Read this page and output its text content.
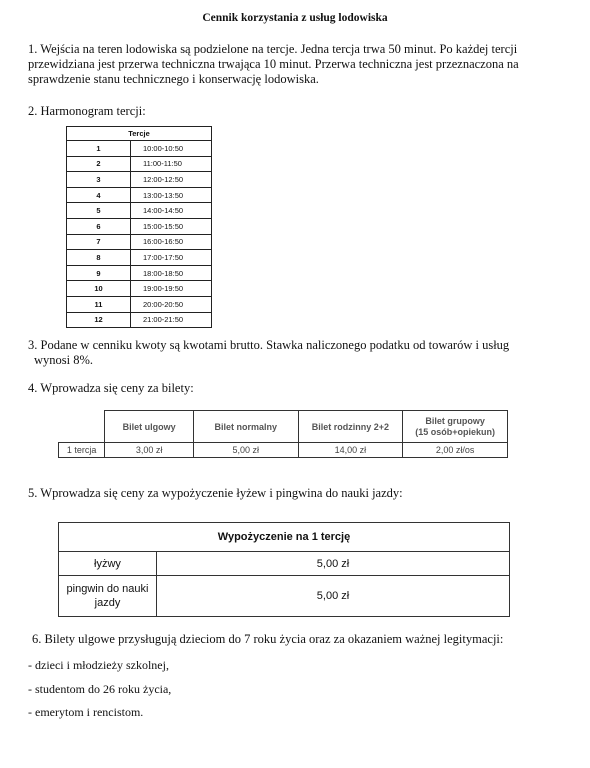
Cennik korzystania z usług lodowiska
1. Wejścia na teren lodowiska są podzielone na tercje. Jedna tercja trwa 50 minut. Po każdej tercji przewidziana jest przerwa techniczna trwająca 10 minut. Przerwa techniczna jest przeznaczona na sprawdzenie stanu technicznego i konserwację lodowiska.
2. Harmonogram tercji:
Tercje	
1	10:00-10:50
2	11:00-11:50
3	12:00-12:50
4	13:00-13:50
5	14:00-14:50
6	15:00-15:50
7	16:00-16:50
8	17:00-17:50
9	18:00-18:50
10	19:00-19:50
11	20:00-20:50
12	21:00-21:50
3. Podane w cenniku kwoty są kwotami brutto. Stawka naliczonego podatku od towarów i usług
wynosi 8%.
4. Wprowadza się ceny za bilety:
	Bilet ulgowy	Bilet normalny	Bilet rodzinny 2+2	Bilet grupowy
(15 osób+opiekun)
1 tercja	3,00 zł	5,00 zł	14,00 zł	2,00 zł/os
5. Wprowadza się ceny za wypożyczenie łyżew i pingwina do nauki jazdy:
Wypożyczenie na 1 tercję	
łyżwy	5,00 zł
pingwin do nauki
jazdy	5,00 zł
6. Bilety ulgowe przysługują dzieciom do 7 roku życia oraz za okazaniem ważnej legitymacji:
- dzieci i młodzieży szkolnej,
- studentom do 26 roku życia,
- emerytom i rencistom.
